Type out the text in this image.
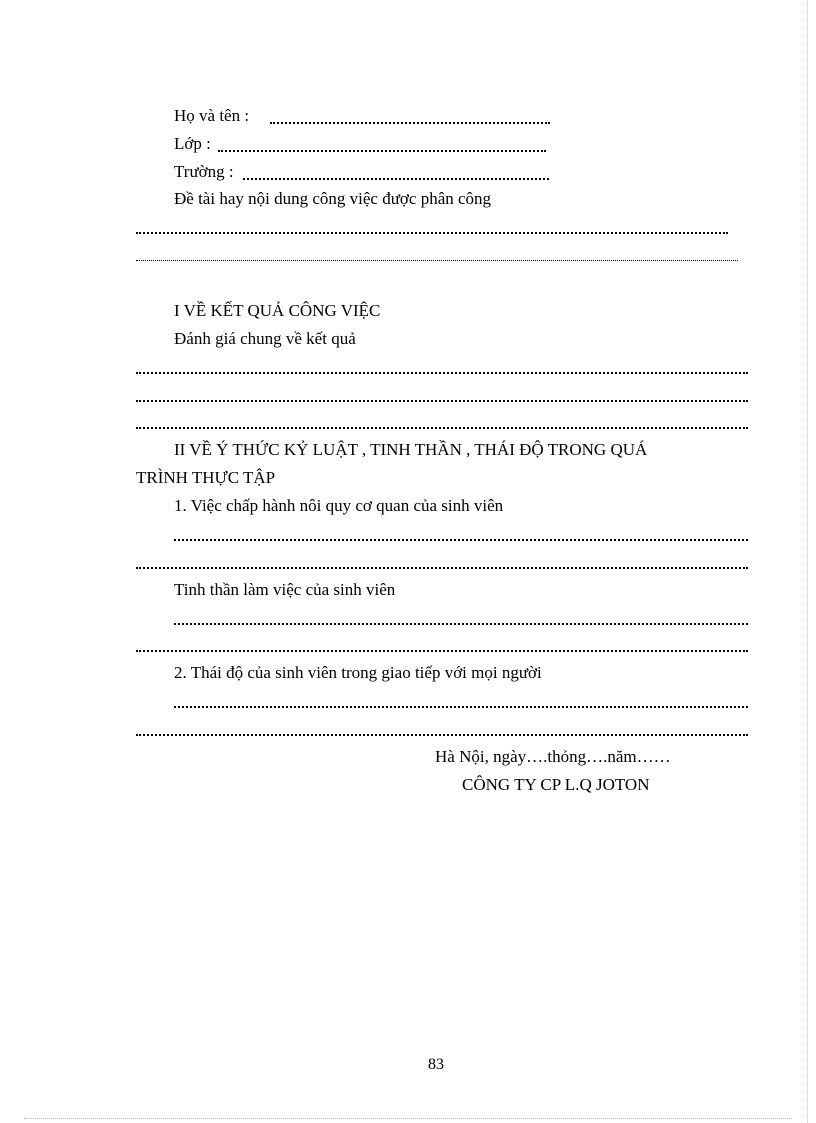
Họ và tên :
Lớp :
Trường :
Đề tài hay nội dung công việc được phân công
I VỀ KẾT QUẢ CÔNG VIỆC
Đánh giá chung về kết quả
II VỀ Ý THỨC KỶ LUẬT , TINH THẦN , THÁI ĐỘ TRONG QUÁ
TRÌNH THỰC TẬP
1. Việc chấp hành nôi quy cơ quan của sinh viên
Tinh thần làm việc của sinh viên
2. Thái độ của sinh viên trong giao tiếp với mọi người
Hà Nội, ngày….thỏng….năm……
CÔNG TY CP L.Q JOTON
83
